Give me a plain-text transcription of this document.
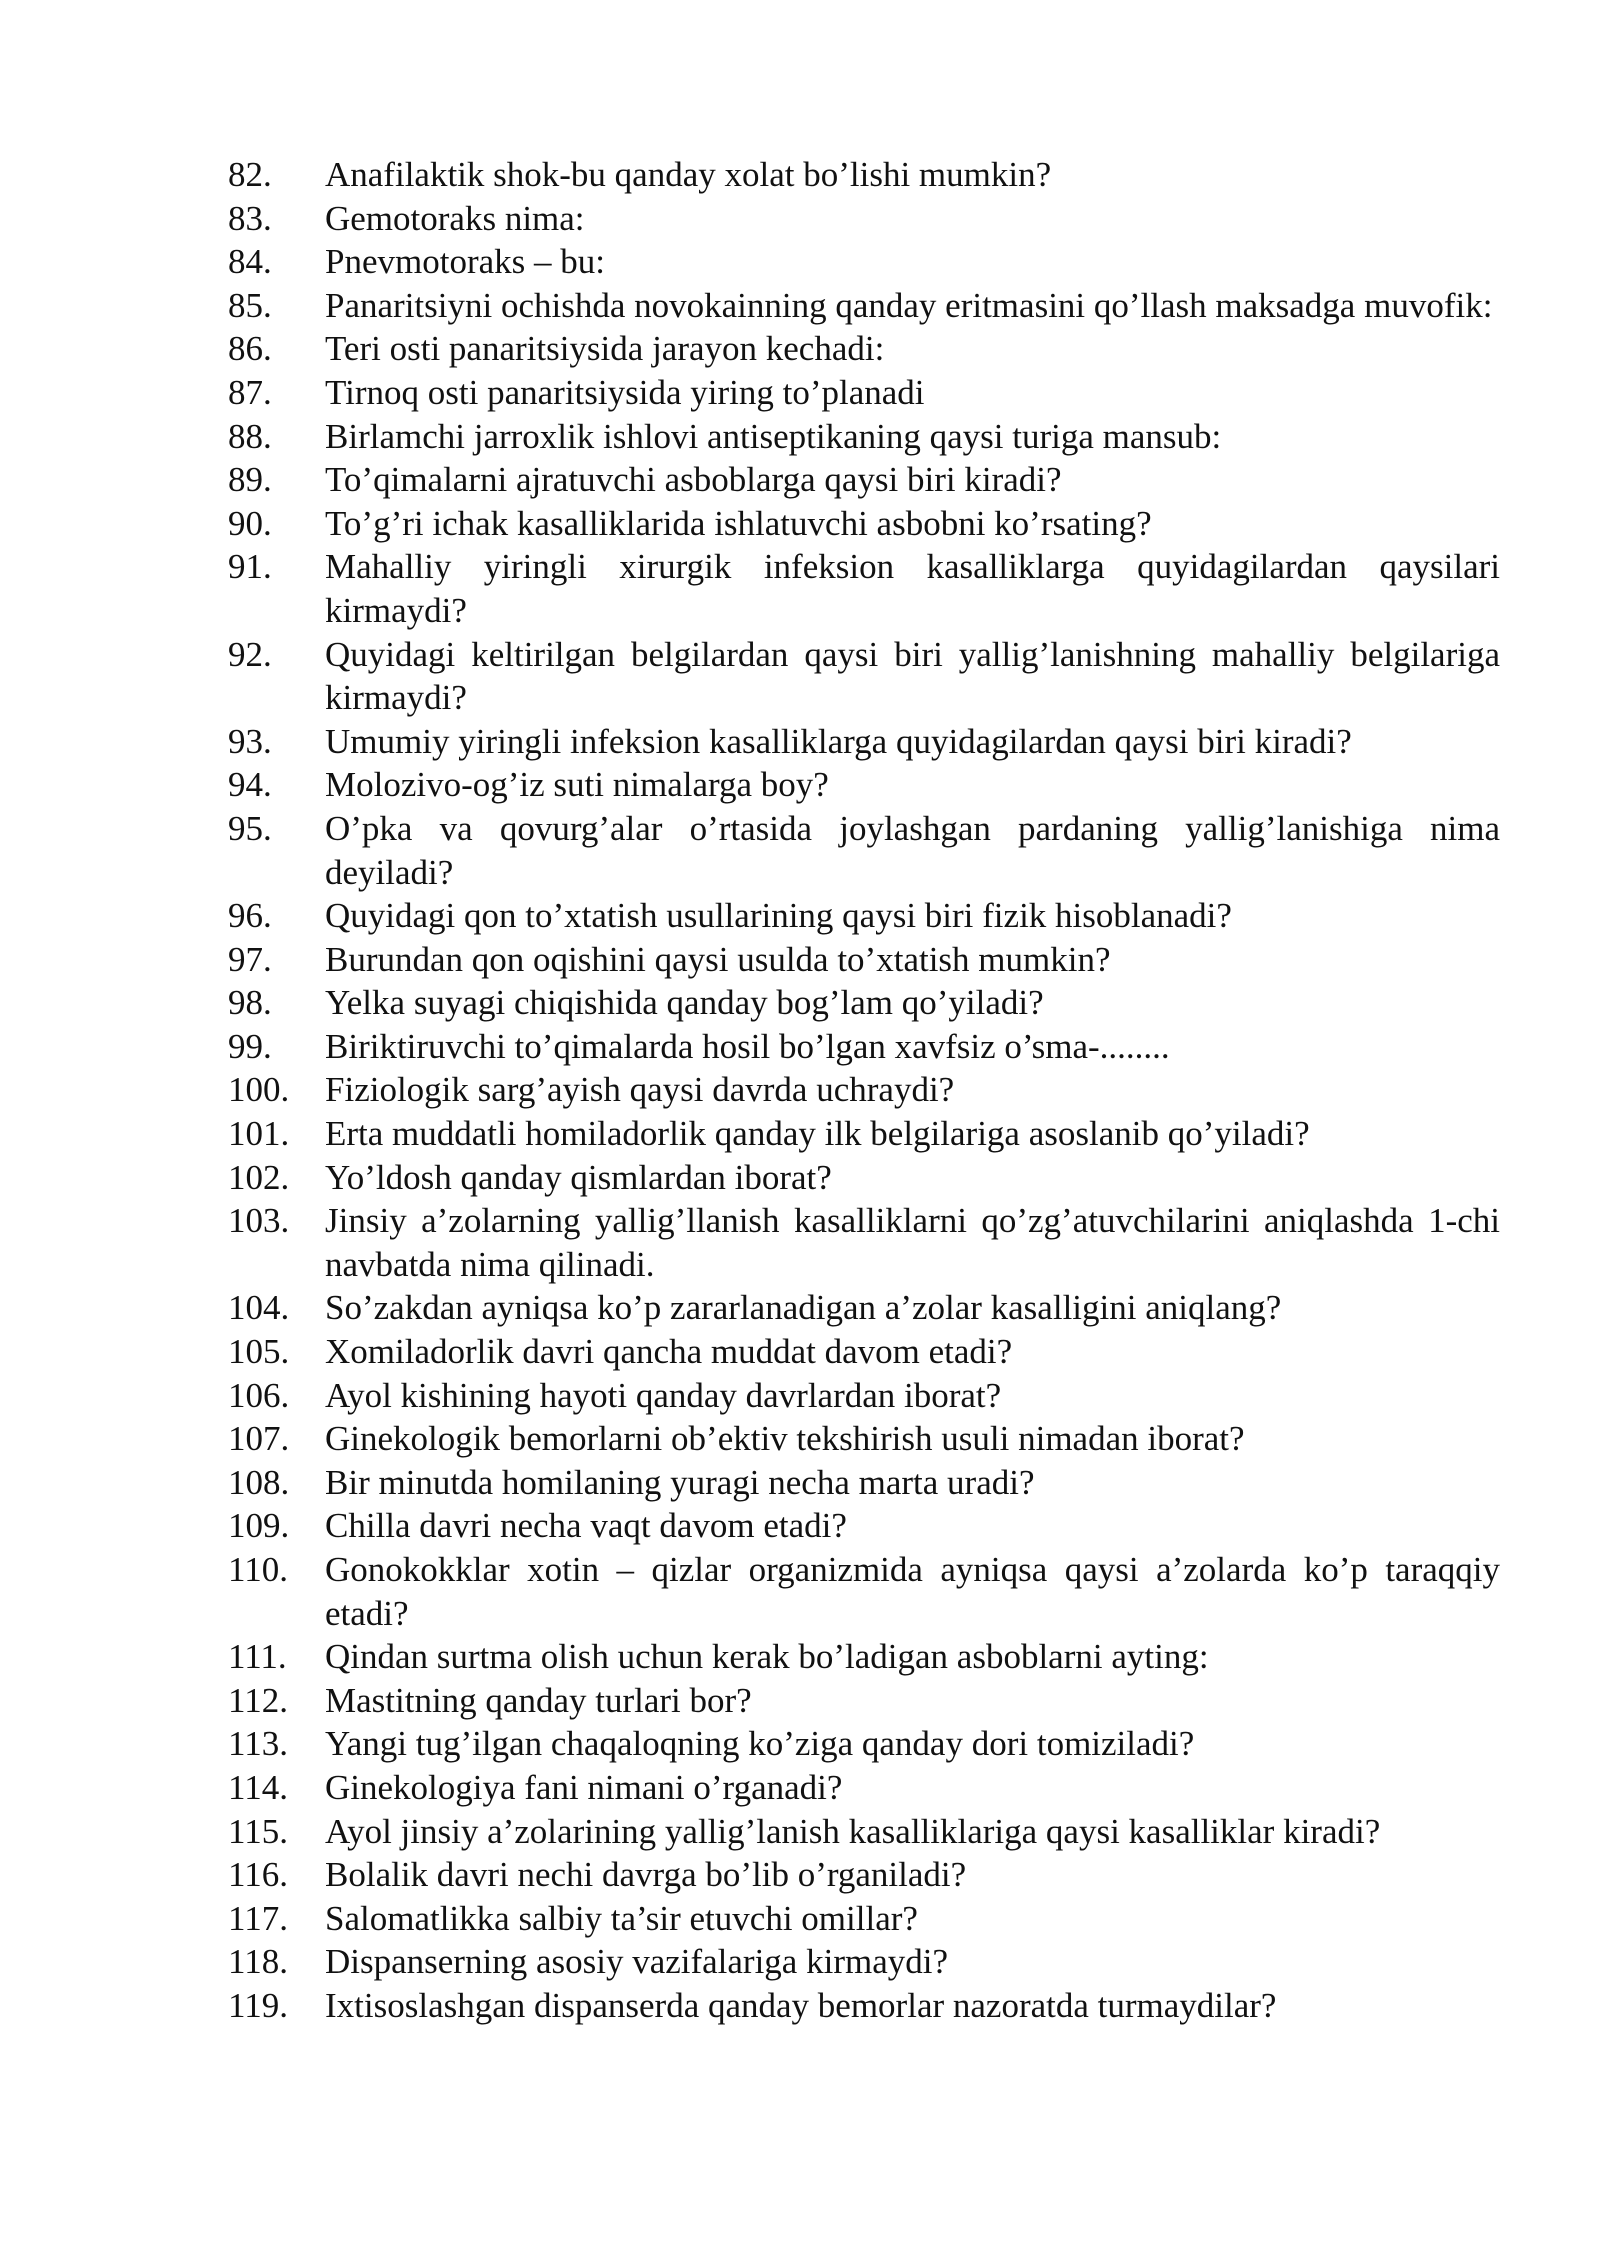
82.	Anafilaktik shok-bu qanday xolat bo’lishi mumkin?
83.	Gemotoraks nima:
84.	Pnevmotoraks – bu:
85.	Panaritsiyni ochishda novokainning qanday eritmasini qo’llash maksadga muvofik:
86.	Teri osti panaritsiysida jarayon kechadi:
87.	Tirnoq osti panaritsiysida yiring to’planadi
88.	Birlamchi jarroxlik ishlovi antiseptikaning qaysi turiga mansub:
89.	To’qimalarni ajratuvchi asboblarga qaysi biri kiradi?
90.	To’g’ri ichak kasalliklarida ishlatuvchi asbobni ko’rsating?
91.	Mahalliy yiringli xirurgik infeksion kasalliklarga quyidagilardan qaysilari kirmaydi?
92.	Quyidagi keltirilgan belgilardan qaysi biri yallig’lanishning mahalliy belgilariga kirmaydi?
93.	Umumiy yiringli infeksion kasalliklarga quyidagilardan qaysi biri kiradi?
94.	Molozivo-og’iz suti nimalarga boy?
95.	O’pka va qovurg’alar o’rtasida joylashgan pardaning yallig’lanishiga nima deyiladi?
96.	Quyidagi qon to’xtatish usullarining qaysi biri fizik hisoblanadi?
97.	Burundan qon oqishini qaysi usulda to’xtatish mumkin?
98.	Yelka suyagi chiqishida qanday bog’lam qo’yiladi?
99.	Biriktiruvchi to’qimalarda hosil bo’lgan xavfsiz o’sma-........
100.	Fiziologik sarg’ayish qaysi davrda uchraydi?
101.	Erta muddatli homiladorlik qanday ilk belgilariga asoslanib qo’yiladi?
102.	Yo’ldosh qanday qismlardan iborat?
103.	Jinsiy a’zolarning yallig’llanish kasalliklarni qo’zg’atuvchilarini aniqlashda 1-chi navbatda nima qilinadi.
104.	So’zakdan ayniqsa ko’p zararlanadigan a’zolar kasalligini aniqlang?
105.	Xomiladorlik davri qancha muddat davom etadi?
106.	Ayol kishining hayoti qanday davrlardan iborat?
107.	Ginekologik bemorlarni ob’ektiv tekshirish usuli nimadan iborat?
108.	Bir minutda homilaning yuragi necha marta uradi?
109.	Chilla davri necha vaqt davom etadi?
110.	Gonokokklar xotin – qizlar organizmida ayniqsa qaysi a’zolarda ko’p taraqqiy etadi?
111.	Qindan surtma olish uchun kerak bo’ladigan asboblarni ayting:
112.	Mastitning qanday turlari bor?
113.	Yangi tug’ilgan chaqaloqning ko’ziga qanday dori tomiziladi?
114.	Ginekologiya fani nimani o’rganadi?
115.	Ayol jinsiy a’zolarining yallig’lanish kasalliklariga qaysi kasalliklar kiradi?
116.	Bolalik davri nechi davrga bo’lib o’rganiladi?
117.	Salomatlikka salbiy ta’sir etuvchi omillar?
118.	Dispanserning asosiy vazifalariga kirmaydi?
119.	Ixtisoslashgan dispanserda qanday bemorlar nazoratda turmaydilar?
